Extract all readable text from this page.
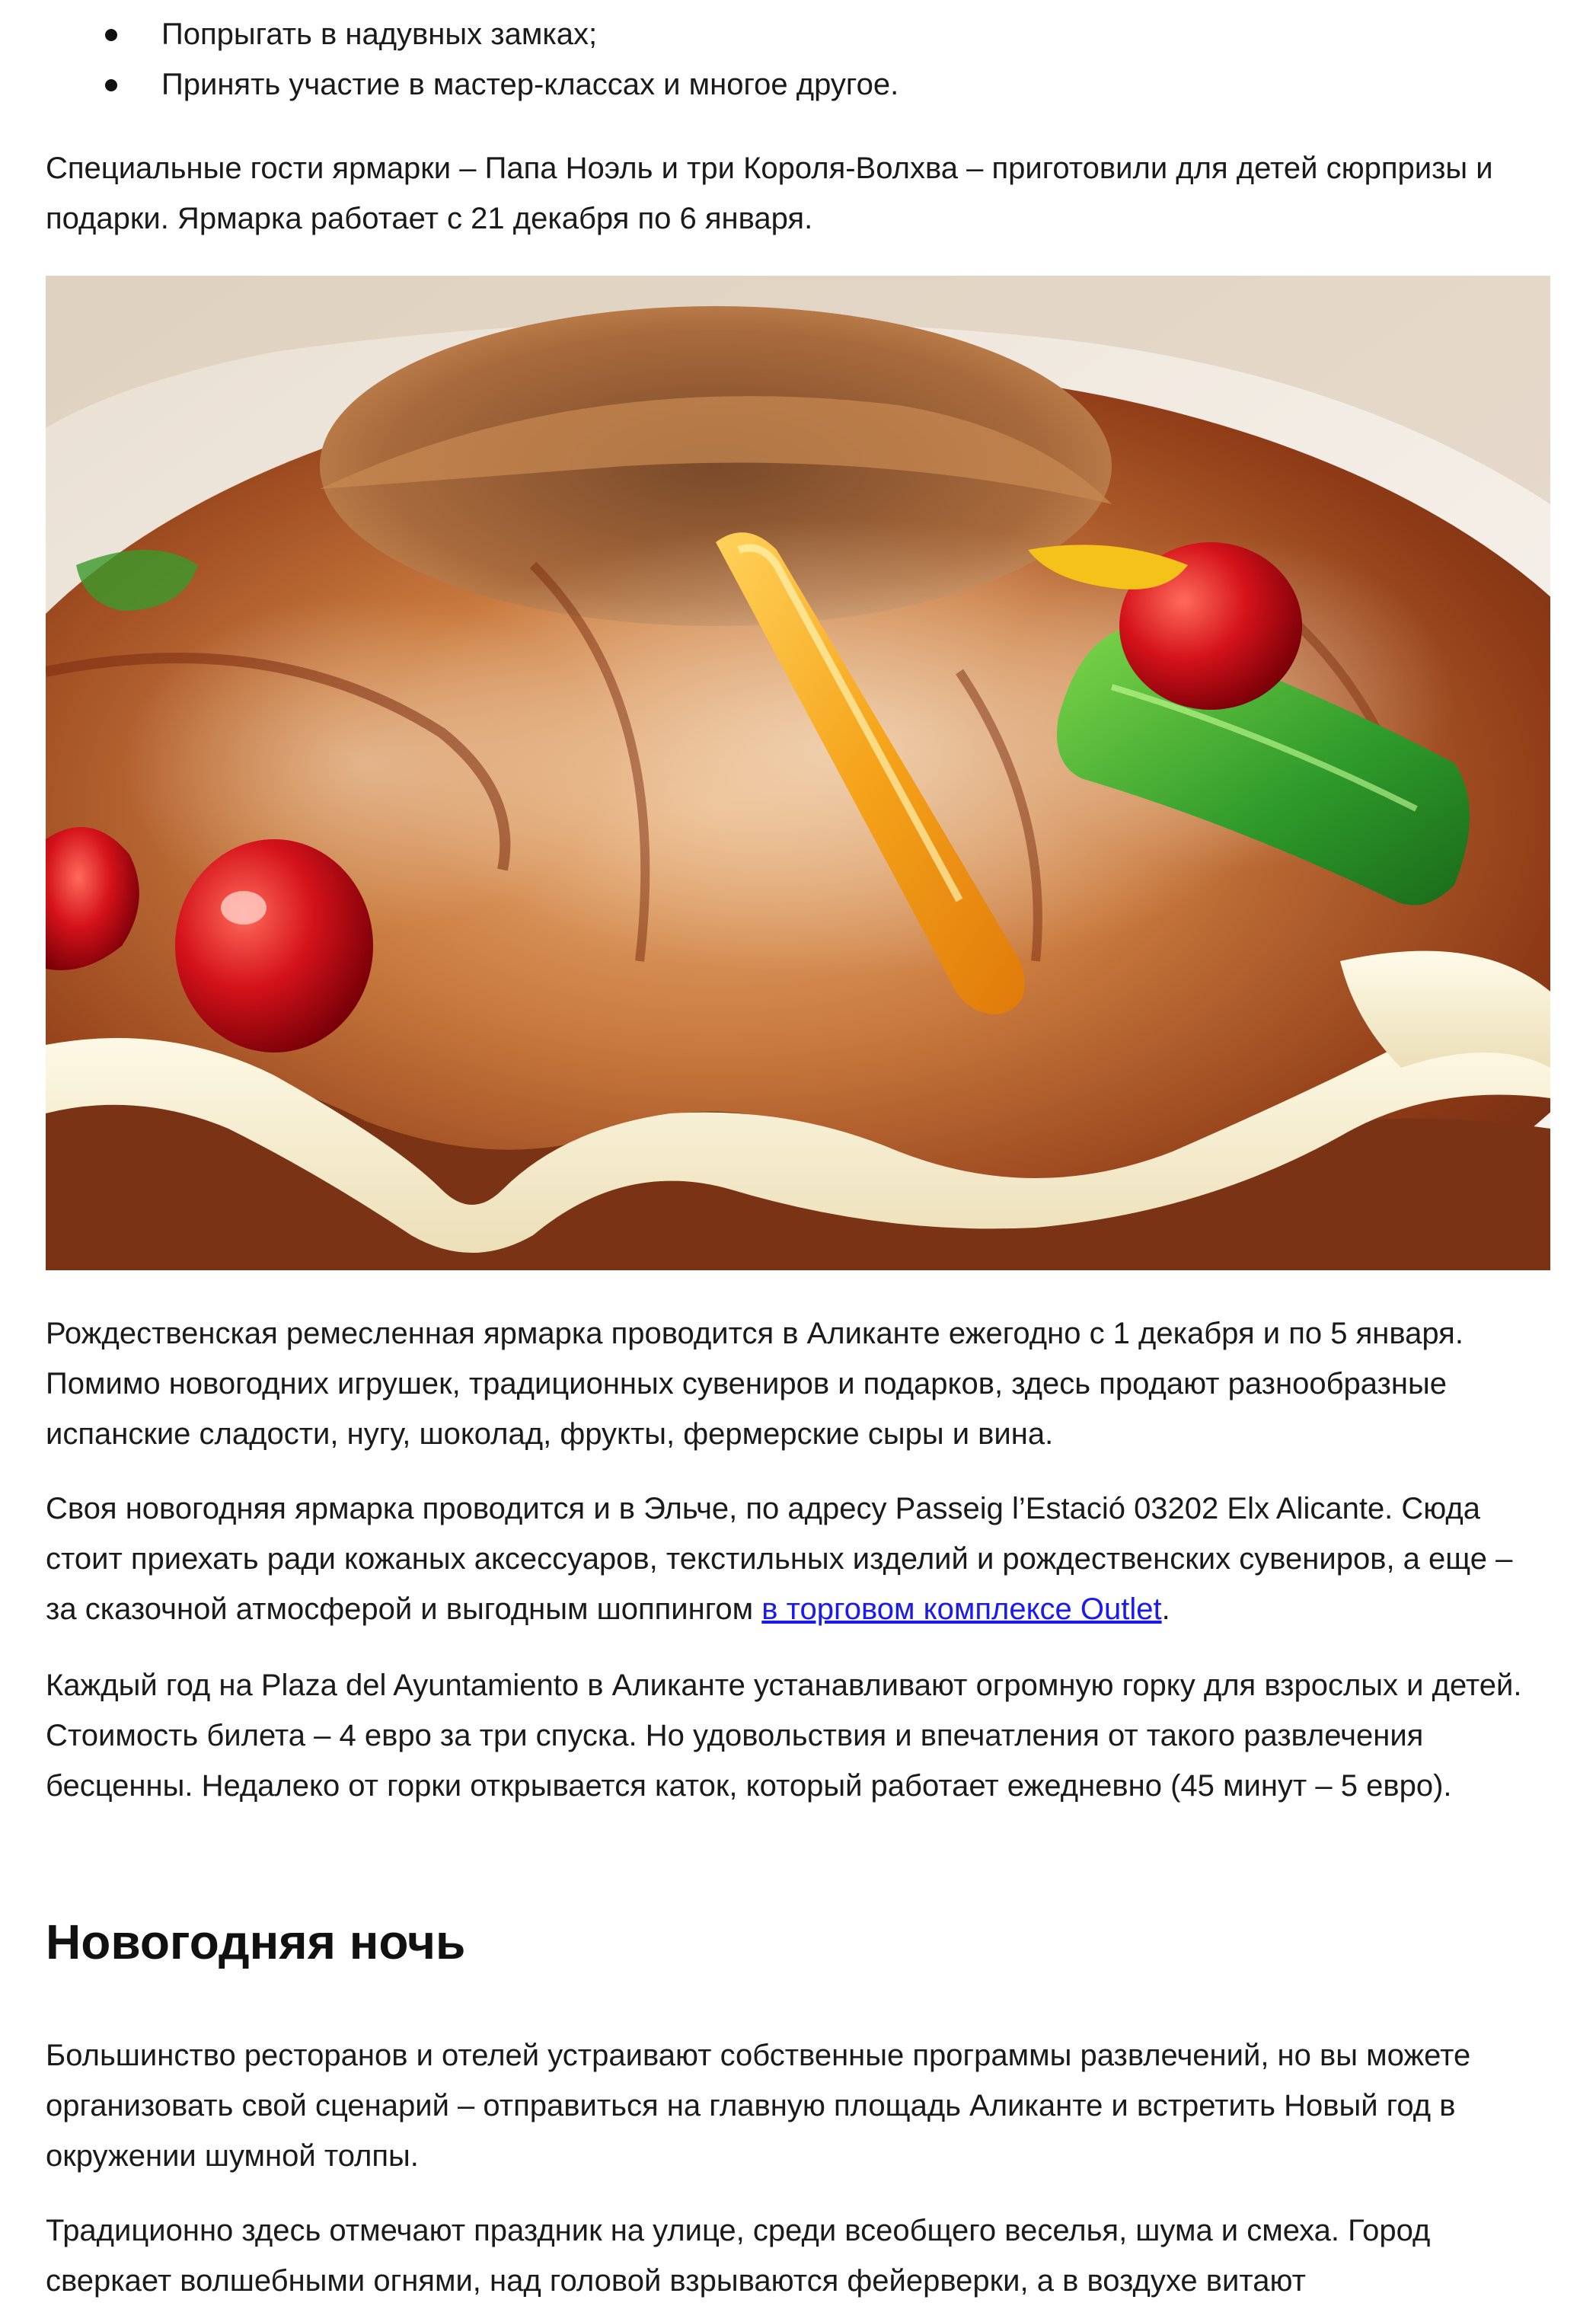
Попрыгать в надувных замках;
Принять участие в мастер-классах и многое другое.

Специальные гости ярмарки – Папа Ноэль и три Короля-Волхва – приготовили для детей сюрпризы и подарки. Ярмарка работает с 21 декабря по 6 января.

Рождественская ремесленная ярмарка проводится в Аликанте ежегодно с 1 декабря и по 5 января. Помимо новогодних игрушек, традиционных сувениров и подарков, здесь продают разнообразные испанские сладости, нугу, шоколад, фрукты, фермерские сыры и вина.

Своя новогодняя ярмарка проводится и в Эльче, по адресу Passeig l’Estació 03202 Elx Alicante. Сюда стоит приехать ради кожаных аксессуаров, текстильных изделий и рождественских сувениров, а еще – за сказочной атмосферой и выгодным шоппингом в торговом комплексе Outlet.

Каждый год на Plaza del Ayuntamiento в Аликанте устанавливают огромную горку для взрослых и детей. Стоимость билета – 4 евро за три спуска. Но удовольствия и впечатления от такого развлечения бесценны. Недалеко от горки открывается каток, который работает ежедневно (45 минут – 5 евро).

Новогодняя ночь

Большинство ресторанов и отелей устраивают собственные программы развлечений, но вы можете организовать свой сценарий – отправиться на главную площадь Аликанте и встретить Новый год в окружении шумной толпы.

Традиционно здесь отмечают праздник на улице, среди всеобщего веселья, шума и смеха. Город сверкает волшебными огнями, над головой взрываются фейерверки, а в воздухе витают
